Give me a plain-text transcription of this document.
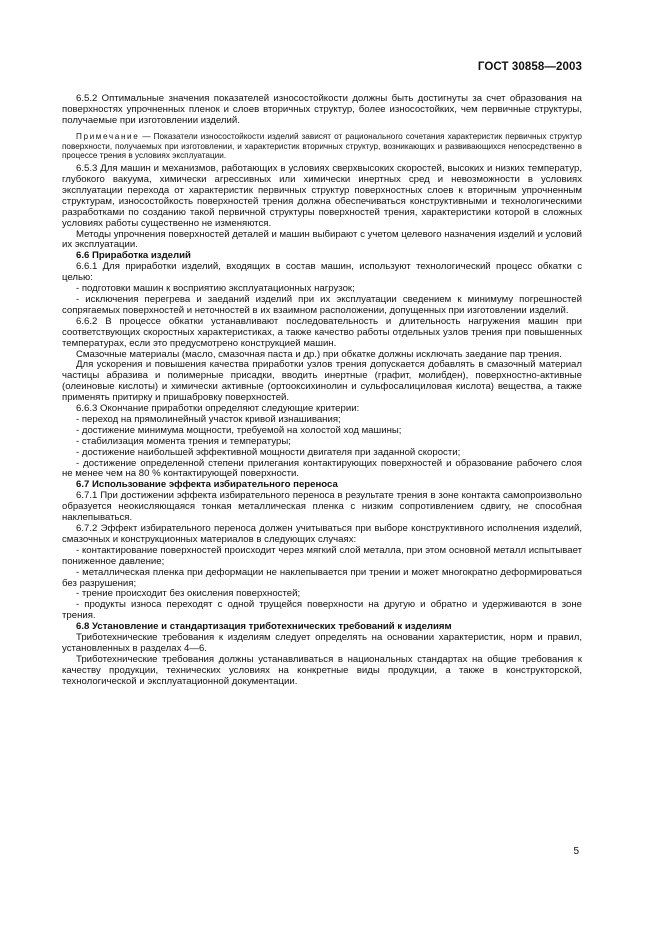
ГОСТ 30858—2003

6.5.2 Оптимальные значения показателей износостойкости должны быть достигнуты за счет образования на поверхностях упрочненных пленок и слоев вторичных структур, более износостойких, чем первичные структуры, получаемые при изготовлении изделий.

Примечание — Показатели износостойкости изделий зависят от рационального сочетания характеристик первичных структур поверхности, получаемых при изготовлении, и характеристик вторичных структур, возникающих и развивающихся непосредственно в процессе трения в условиях эксплуатации.

6.5.3 Для машин и механизмов, работающих в условиях сверхвысоких скоростей, высоких и низких температур, глубокого вакуума, химически агрессивных или химически инертных сред и невозможности в условиях эксплуатации перехода от характеристик первичных структур поверхностных слоев к вторичным упрочненным структурам, износостойкость поверхностей трения должна обеспечиваться конструктивными и технологическими разработками по созданию такой первичной структуры поверхностей трения, характеристики которой в сложных условиях работы существенно не изменяются.

Методы упрочнения поверхностей деталей и машин выбирают с учетом целевого назначения изделий и условий их эксплуатации.

6.6 Приработка изделий

6.6.1 Для приработки изделий, входящих в состав машин, используют технологический процесс обкатки с целью:

- подготовки машин к восприятию эксплуатационных нагрузок;

- исключения перегрева и заеданий изделий при их эксплуатации сведением к минимуму погрешностей сопрягаемых поверхностей и неточностей в их взаимном расположении, допущенных при изготовлении изделий.

6.6.2 В процессе обкатки устанавливают последовательность и длительность нагружения машин при соответствующих скоростных характеристиках, а также качество работы отдельных узлов трения при повышенных температурах, если это предусмотрено конструкцией машин.

Смазочные материалы (масло, смазочная паста и др.) при обкатке должны исключать заедание пар трения.

Для ускорения и повышения качества приработки узлов трения допускается добавлять в смазочный материал частицы абразива и полимерные присадки, вводить инертные (графит, молибден), поверхностно-активные (олеиновые кислоты) и химически активные (ортооксихинолин и сульфосалициловая кислота) вещества, а также применять притирку и пришабровку поверхностей.

6.6.3 Окончание приработки определяют следующие критерии:

- переход на прямолинейный участок кривой изнашивания;

- достижение минимума мощности, требуемой на холостой ход машины;

- стабилизация момента трения и температуры;

- достижение наибольшей эффективной мощности двигателя при заданной скорости;

- достижение определенной степени прилегания контактирующих поверхностей и образование рабочего слоя не менее чем на 80 % контактирующей поверхности.

6.7 Использование эффекта избирательного переноса

6.7.1 При достижении эффекта избирательного переноса в результате трения в зоне контакта самопроизвольно образуется неокисляющаяся тонкая металлическая пленка с низким сопротивлением сдвигу, не способная наклепываться.

6.7.2 Эффект избирательного переноса должен учитываться при выборе конструктивного исполнения изделий, смазочных и конструкционных материалов в следующих случаях:

- контактирование поверхностей происходит через мягкий слой металла, при этом основной металл испытывает пониженное давление;

- металлическая пленка при деформации не наклепывается при трении и может многократно деформироваться без разрушения;

- трение происходит без окисления поверхностей;

- продукты износа переходят с одной трущейся поверхности на другую и обратно и удерживаются в зоне трения.

6.8 Установление и стандартизация триботехнических требований к изделиям

Триботехнические требования к изделиям следует определять на основании характеристик, норм и правил, установленных в разделах 4—6.

Триботехнические требования должны устанавливаться в национальных стандартах на общие требования к качеству продукции, технических условиях на конкретные виды продукции, а также в конструкторской, технологической и эксплуатационной документации.

5
